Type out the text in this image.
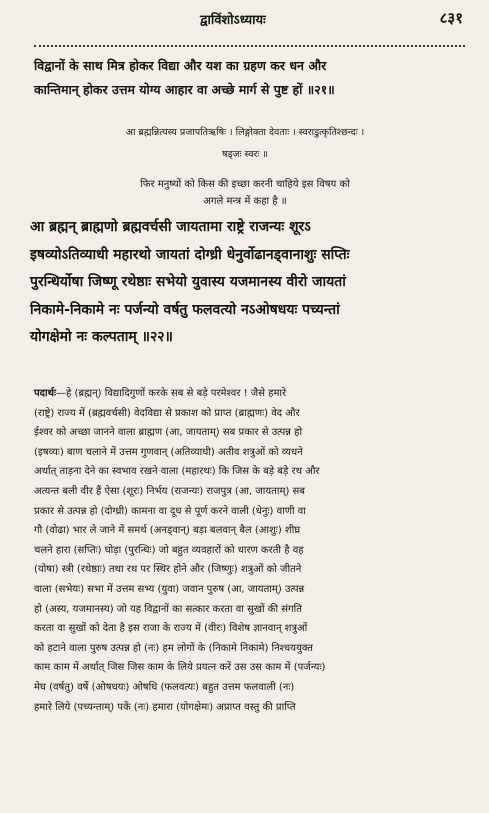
द्वाविंशोऽध्यायः	८३१
विद्वानों के साथ मित्र होकर विद्या और यश का ग्रहण कर धन और
कान्तिमान् होकर उत्तम योग्य आहार वा अच्छे मार्ग से पुष्ट हों ॥२१॥
आ ब्रह्मन्नित्यस्य प्रजापतिऋषिः । लिङ्गोक्ता देवताः । स्वराडुत्कृतिश्छन्दः ।
षड्जः स्वरः ॥
फिर मनुष्यों को किस की इच्छा करनी चाहिये इस विषय को
अगले मन्त्र में कहा है ॥
आ ब्रह्मन् ब्राह्मणो ब्रह्मवर्चसी जायतामा राष्ट्रे राजन्यः शूरऽ
इषव्योऽतिव्याधी महारथो जायतां दोग्ध्री धेनुर्वोढानड्वानाशुः सप्तिः
पुरन्धिर्योषा जिष्णू रथेष्ठाः सभेयो युवास्य यजमानस्य वीरो जायतां
निकामे-निकामे नः पर्जन्यो वर्षतु फलवत्यो नऽओषधयः पच्यन्तां
योगक्षेमो नः कल्पताम् ॥२२॥
पदार्थः—हे (ब्रह्मन्) विद्यादिगुणों करके सब से बड़े परमेश्वर ! जैसे हमारे
(राष्ट्रे) राज्य में (ब्रह्मवर्चसी) वेदविद्या से प्रकाश को प्राप्त (ब्राह्मणः) वेद और
ईश्वर को अच्छा जानने वाला ब्राह्मण (आ, जायताम्) सब प्रकार से उत्पन्न हो
(इषव्यः) बाण चलाने में उत्तम गुणवान् (अतिव्याधी) अतीव शत्रुओं को व्यधने
अर्थात् ताड़ना देने का स्वभाव रखने वाला (महारथः) कि जिस के बड़े बड़े रथ और
अत्यन्त बली वीर हैं ऐसा (शूरः) निर्भय (राजन्यः) राजपुत्र (आ, जायताम्) सब
प्रकार से उत्पन्न हो (दोग्ध्री) कामना वा दूध से पूर्ण करने वाली (धेनुः) वाणी वा
गौ (वोढा) भार ले जाने में समर्थ (अनड्वान्) बड़ा बलवान् बैल (आशुः) शीघ्र
चलने हारा (सप्तिः) घोड़ा (पुरन्धिः) जो बहुत व्यवहारों को धारण करती है वह
(योषा) स्त्री (रथेष्ठाः) तथा रथ पर स्थिर होने और (जिष्णुः) शत्रुओं को जीतने
वाला (सभेयः) सभा में उत्तम सभ्य (युवा) जवान पुरुष (आ, जायताम्) उत्पन्न
हो (अस्य, यजमानस्य) जो यह विद्वानों का सत्कार करता वा सुखों की संगति
करता वा सुखों को देता है इस राजा के राज्य में (वीरः) विशेष ज्ञानवान् शत्रुओं
को हटाने वाला पुरुष उत्पन्न हो (नः) हम लोगों के (निकामे निकामे) निश्चययुक्त
काम काम में अर्थात् जिस जिस काम के लिये प्रयत्न करें उस उस काम में (पर्जन्यः)
मेघ (वर्षतु) वर्षे (ओषधयः) ओषधि (फलवत्यः) बहुत उत्तम फलवाली (नः)
हमारे लिये (पच्यन्ताम्) पकें (नः) हमारा (योगक्षेमः) अप्राप्त वस्तु की प्राप्ति
